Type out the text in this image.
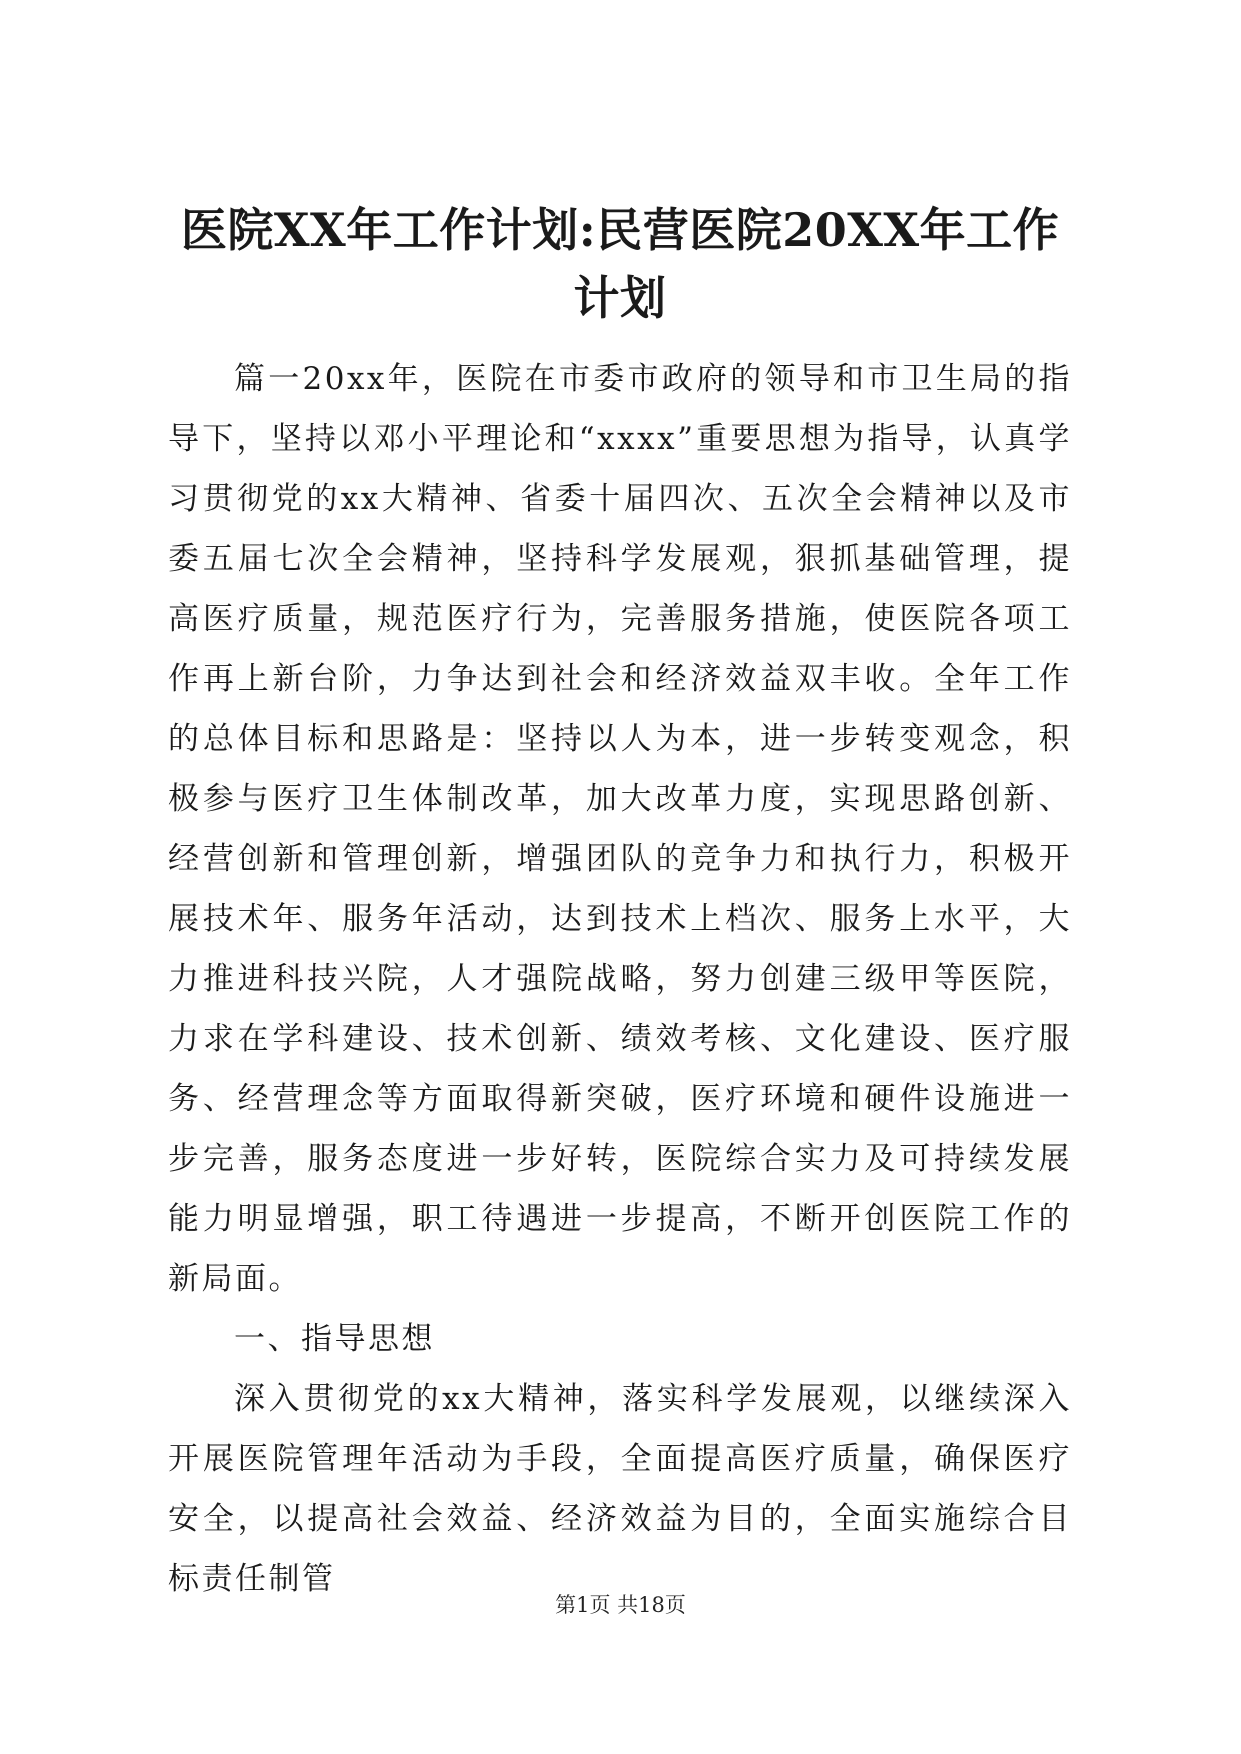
医院XX年工作计划:民营医院20XX年工作计划

篇一20xx年，医院在市委市政府的领导和市卫生局的指导下，坚持以邓小平理论和“xxxx”重要思想为指导，认真学习贯彻党的xx大精神、省委十届四次、五次全会精神以及市委五届七次全会精神，坚持科学发展观，狠抓基础管理，提高医疗质量，规范医疗行为，完善服务措施，使医院各项工作再上新台阶，力争达到社会和经济效益双丰收。全年工作的总体目标和思路是：坚持以人为本，进一步转变观念，积极参与医疗卫生体制改革，加大改革力度，实现思路创新、经营创新和管理创新，增强团队的竞争力和执行力，积极开展技术年、服务年活动，达到技术上档次、服务上水平，大力推进科技兴院，人才强院战略，努力创建三级甲等医院，力求在学科建设、技术创新、绩效考核、文化建设、医疗服务、经营理念等方面取得新突破，医疗环境和硬件设施进一步完善，服务态度进一步好转，医院综合实力及可持续发展能力明显增强，职工待遇进一步提高，不断开创医院工作的新局面。

一、指导思想

深入贯彻党的xx大精神，落实科学发展观，以继续深入开展医院管理年活动为手段，全面提高医疗质量，确保医疗安全，以提高社会效益、经济效益为目的，全面实施综合目标责任制管

第1页 共18页
